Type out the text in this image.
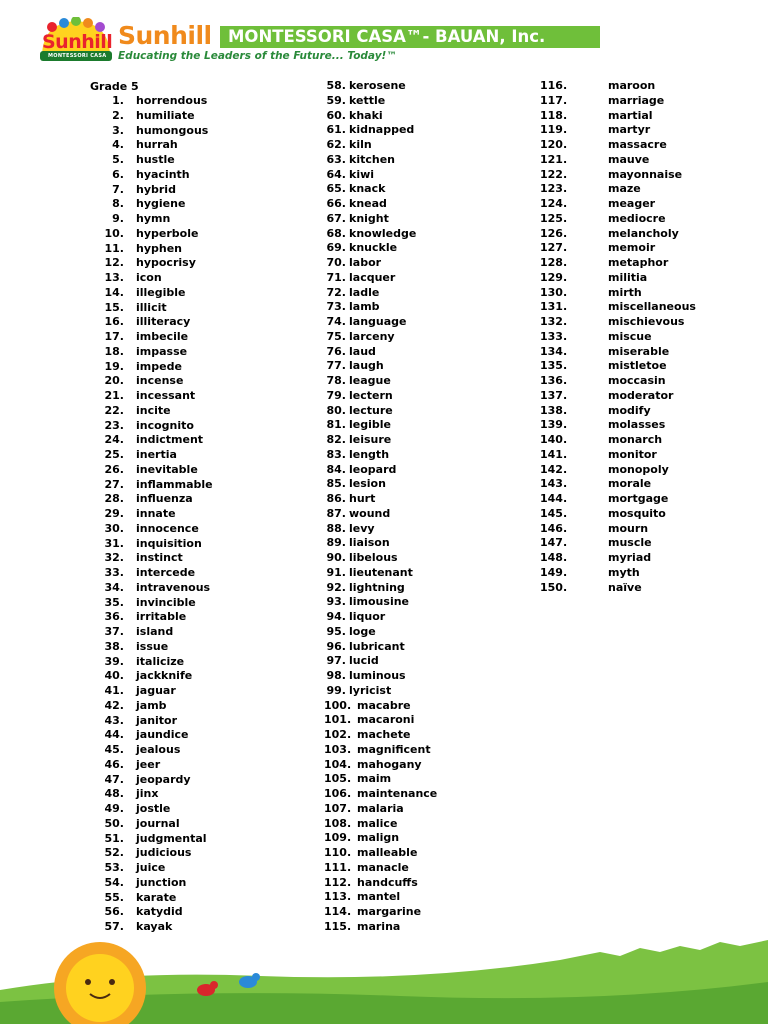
Sunhill
MONTESSORI CASA
Sunhill MONTESSORI CASA™- BAUAN, Inc.
Educating the Leaders of the Future... Today!™
Grade 5
1. horrendous
2. humiliate
3. humongous
4. hurrah
5. hustle
6. hyacinth
7. hybrid
8. hygiene
9. hymn
10. hyperbole
11. hyphen
12. hypocrisy
13. icon
14. illegible
15. illicit
16. illiteracy
17. imbecile
18. impasse
19. impede
20. incense
21. incessant
22. incite
23. incognito
24. indictment
25. inertia
26. inevitable
27. inflammable
28. influenza
29. innate
30. innocence
31. inquisition
32. instinct
33. intercede
34. intravenous
35. invincible
36. irritable
37. island
38. issue
39. italicize
40. jackknife
41. jaguar
42. jamb
43. janitor
44. jaundice
45. jealous
46. jeer
47. jeopardy
48. jinx
49. jostle
50. journal
51. judgmental
52. judicious
53. juice
54. junction
55. karate
56. katydid
57. kayak
58. kerosene
59. kettle
60. khaki
61. kidnapped
62. kiln
63. kitchen
64. kiwi
65. knack
66. knead
67. knight
68. knowledge
69. knuckle
70. labor
71. lacquer
72. ladle
73. lamb
74. language
75. larceny
76. laud
77. laugh
78. league
79. lectern
80. lecture
81. legible
82. leisure
83. length
84. leopard
85. lesion
86. hurt
87. wound
88. levy
89. liaison
90. libelous
91. lieutenant
92. lightning
93. limousine
94. liquor
95. loge
96. lubricant
97. lucid
98. luminous
99. lyricist
100. macabre
101. macaroni
102. machete
103. magnificent
104. mahogany
105. maim
106. maintenance
107. malaria
108. malice
109. malign
110. malleable
111. manacle
112. handcuffs
113. mantel
114. margarine
115. marina
116.	maroon
117.	marriage
118.	martial
119.	martyr
120.	massacre
121.	mauve
122.	mayonnaise
123.	maze
124.	meager
125.	mediocre
126.	melancholy
127.	memoir
128.	metaphor
129.	militia
130.	mirth
131.	miscellaneous
132.	mischievous
133.	miscue
134.	miserable
135.	mistletoe
136.	moccasin
137.	moderator
138.	modify
139.	molasses
140.	monarch
141.	monitor
142.	monopoly
143.	morale
144.	mortgage
145.	mosquito
146.	mourn
147.	muscle
148.	myriad
149.	myth
150.	naïve
